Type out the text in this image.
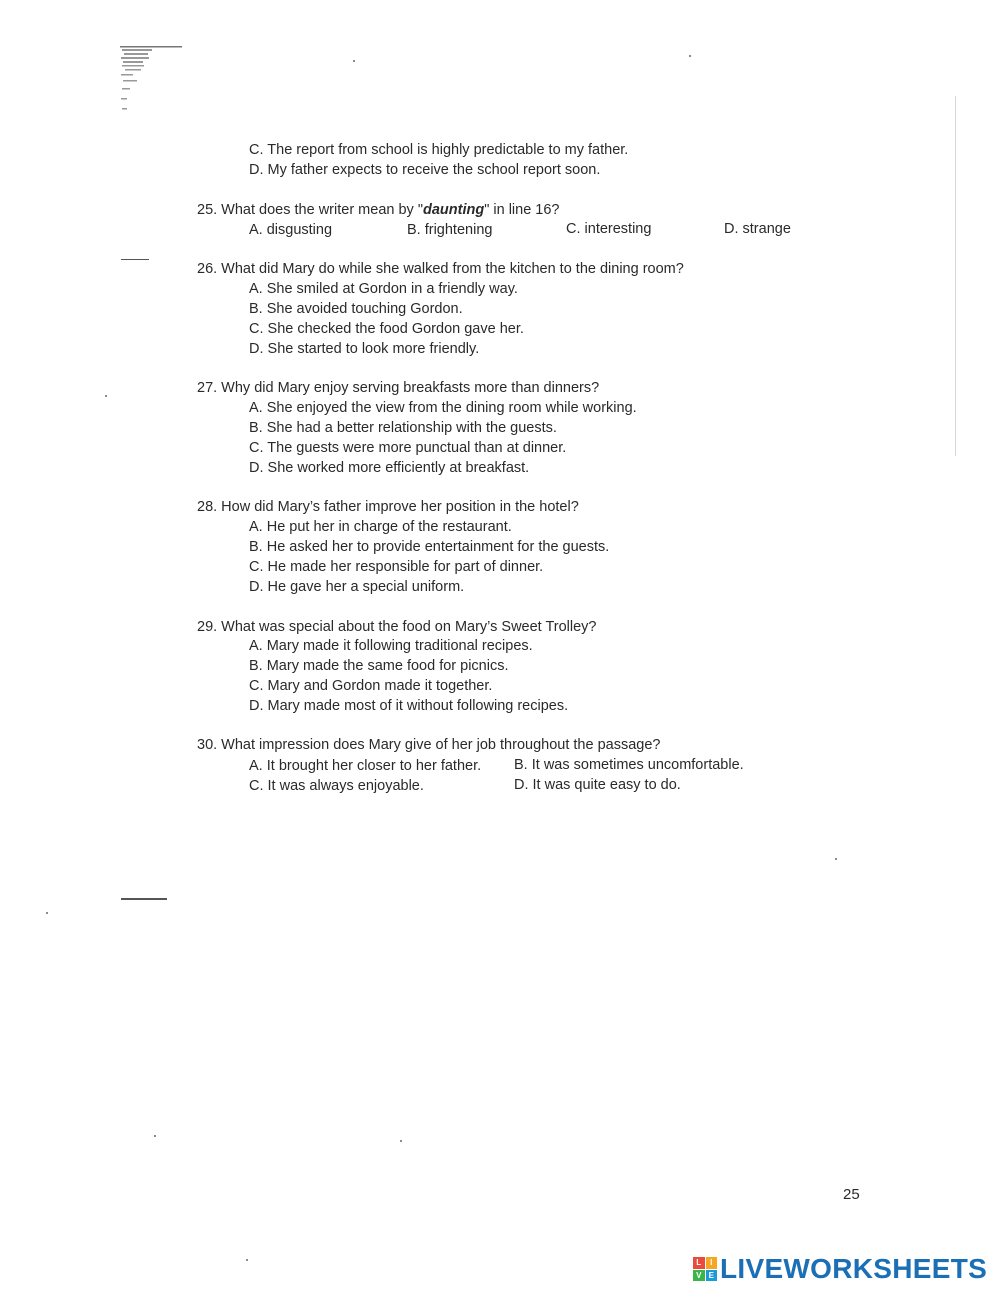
C. The report from school is highly predictable to my father.
D. My father expects to receive the school report soon.
25. What does the writer mean by "daunting" in line 16?
A. disgusting	B. frightening	C. interesting	D. strange
26. What did Mary do while she walked from the kitchen to the dining room?
A. She smiled at Gordon in a friendly way.
B. She avoided touching Gordon.
C. She checked the food Gordon gave her.
D. She started to look more friendly.
27. Why did Mary enjoy serving breakfasts more than dinners?
A. She enjoyed the view from the dining room while working.
B. She had a better relationship with the guests.
C. The guests were more punctual than at dinner.
D. She worked more efficiently at breakfast.
28. How did Mary’s father improve her position in the hotel?
A. He put her in charge of the restaurant.
B. He asked her to provide entertainment for the guests.
C. He made her responsible for part of dinner.
D. He gave her a special uniform.
29. What was special about the food on Mary’s Sweet Trolley?
A. Mary made it following traditional recipes.
B. Mary made the same food for picnics.
C. Mary and Gordon made it together.
D. Mary made most of it without following recipes.
30. What impression does Mary give of her job throughout the passage?
A. It brought her closer to her father. B. It was sometimes uncomfortable.
C. It was always enjoyable.	D. It was quite easy to do.
25
L	I
V E LIVEWORKSHEETS
